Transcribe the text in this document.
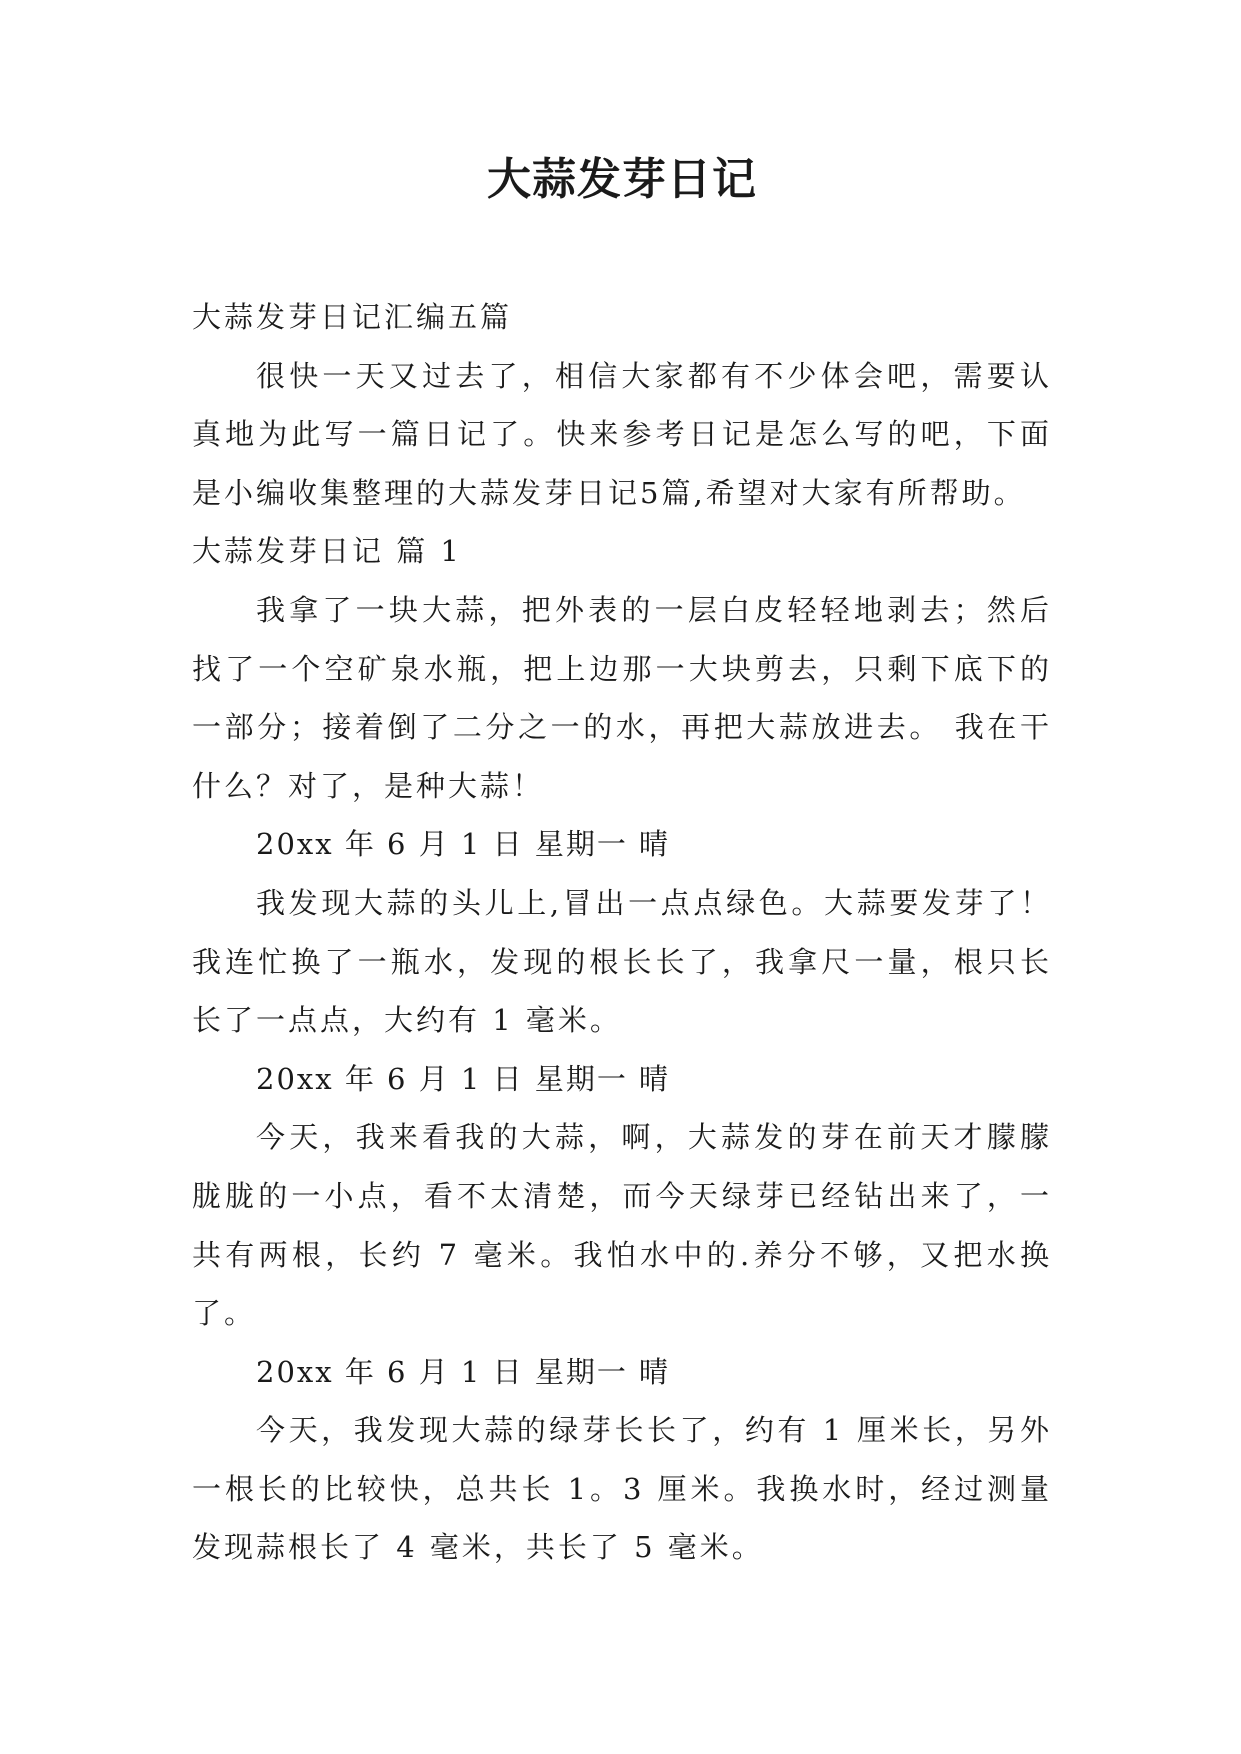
大蒜发芽日记

大蒜发芽日记汇编五篇

很快一天又过去了，相信大家都有不少体会吧，需要认真地为此写一篇日记了。快来参考日记是怎么写的吧，下面是小编收集整理的大蒜发芽日记5篇,希望对大家有所帮助。

大蒜发芽日记 篇 1

我拿了一块大蒜，把外表的一层白皮轻轻地剥去；然后找了一个空矿泉水瓶，把上边那一大块剪去，只剩下底下的一部分；接着倒了二分之一的水，再把大蒜放进去。 我在干什么？对了，是种大蒜！

20xx 年 6 月 1 日 星期一 晴

我发现大蒜的头儿上,冒出一点点绿色。大蒜要发芽了！我连忙换了一瓶水，发现的根长长了，我拿尺一量，根只长长了一点点，大约有 1 毫米。

20xx 年 6 月 1 日 星期一 晴

今天，我来看我的大蒜，啊，大蒜发的芽在前天才朦朦胧胧的一小点，看不太清楚，而今天绿芽已经钻出来了，一共有两根，长约 7 毫米。我怕水中的.养分不够，又把水换了。

20xx 年 6 月 1 日 星期一 晴

今天，我发现大蒜的绿芽长长了，约有 1 厘米长，另外一根长的比较快，总共长 1。3 厘米。我换水时，经过测量发现蒜根长了 4 毫米，共长了 5 毫米。
